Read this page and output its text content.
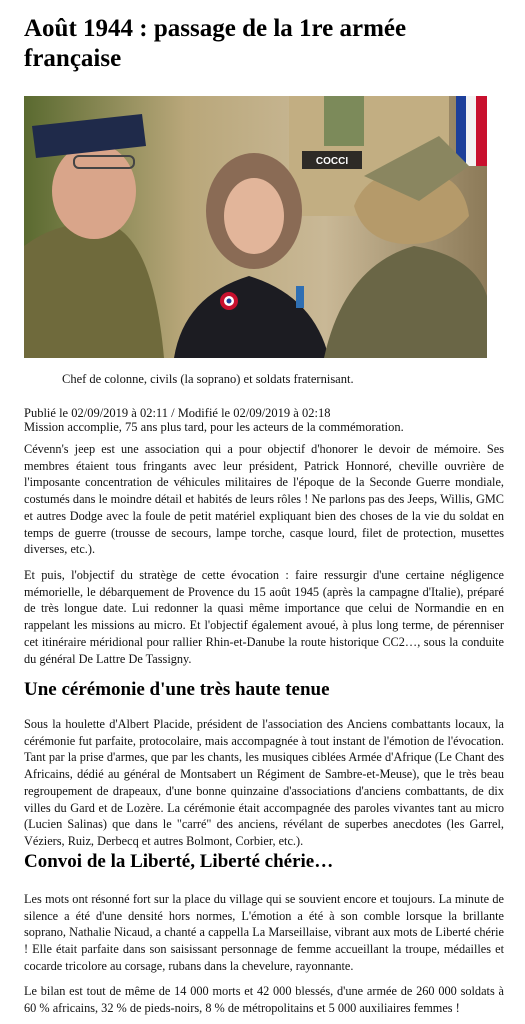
Août 1944 : passage de la 1re armée française
COCCI
Chef de colonne, civils (la soprano) et soldats fraternisant.
Publié le 02/09/2019 à 02:11 / Modifié le 02/09/2019 à 02:18
Mission accomplie, 75 ans plus tard, pour les acteurs de la commémoration.

Cévenn's jeep est une association qui a pour objectif d'honorer le devoir de mémoire. Ses membres étaient tous fringants avec leur président, Patrick Honnoré, cheville ouvrière de l'imposante concentration de véhicules militaires de l'époque de la Seconde Guerre mondiale, costumés dans le moindre détail et habités de leurs rôles ! Ne parlons pas des Jeeps, Willis, GMC et autres Dodge avec la foule de petit matériel expliquant bien des choses de la vie du soldat en temps de guerre (trousse de secours, lampe torche, casque lourd, filet de protection, musettes diverses, etc.).

Et puis, l'objectif du stratège de cette évocation : faire ressurgir d'une certaine négligence mémorielle, le débarquement de Provence du 15 août 1945 (après la campagne d'Italie), préparé de très longue date. Lui redonner la quasi même importance que celui de Normandie en en rappelant les missions au micro. Et l'objectif également avoué, à plus long terme, de pérenniser cet itinéraire méridional pour rallier Rhin-et-Danube la route historique CC2…, sous la conduite du général De Lattre De Tassigny.

Une cérémonie d'une très haute tenue

Sous la houlette d'Albert Placide, président de l'association des Anciens combattants locaux, la cérémonie fut parfaite, protocolaire, mais accompagnée à tout instant de l'émotion de l'évocation. Tant par la prise d'armes, que par les chants, les musiques ciblées Armée d'Afrique (Le Chant des Africains, dédié au général de Montsabert un Régiment de Sambre-et-Meuse), que le très beau regroupement de drapeaux, d'une bonne quinzaine d'associations d'anciens combattants, de dix villes du Gard et de Lozère. La cérémonie était accompagnée des paroles vivantes tant au micro (Lucien Salinas) que dans le "carré" des anciens, révélant de superbes anecdotes (les Garrel, Véziers, Ruiz, Derbecq et autres Bolmont, Corbier, etc.).

Convoi de la Liberté, Liberté chérie…

Les mots ont résonné fort sur la place du village qui se souvient encore et toujours. La minute de silence a été d'une densité hors normes, L'émotion a été à son comble lorsque la brillante soprano, Nathalie Nicaud, a chanté a cappella La Marseillaise, vibrant aux mots de Liberté chérie ! Elle était parfaite dans son saisissant personnage de femme accueillant la troupe, médailles et cocarde tricolore au corsage, rubans dans la chevelure, rayonnante.

Le bilan est tout de même de 14 000 morts et 42 000 blessés, d'une armée de 260 000 soldats à 60 % africains, 32 % de pieds-noirs, 8 % de métropolitains et 5 000 auxiliaires femmes !
